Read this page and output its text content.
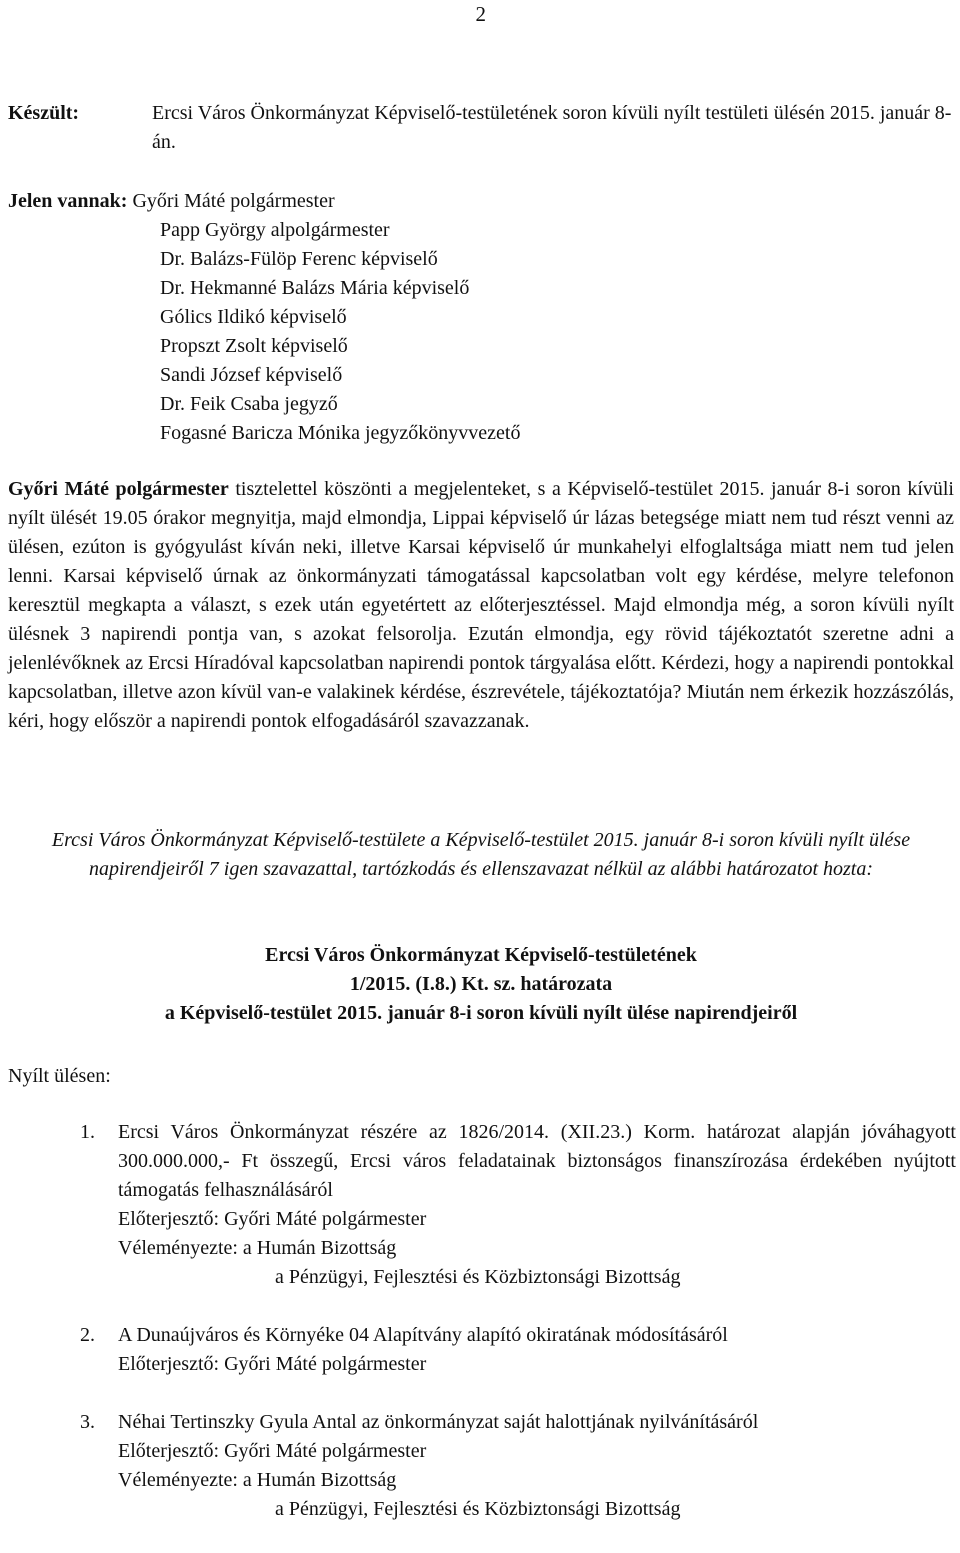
2
Készült:	Ercsi Város Önkormányzat Képviselő-testületének soron kívüli nyílt testületi ülésén 2015. január 8-án.
Jelen vannak: Győri Máté polgármester
Papp György alpolgármester
Dr. Balázs-Fülöp Ferenc képviselő
Dr. Hekmanné Balázs Mária képviselő
Gólics Ildikó képviselő
Propszt Zsolt képviselő
Sandi József képviselő
Dr. Feik Csaba jegyző
Fogasné Baricza Mónika jegyzőkönyvvezető

Győri Máté polgármester tisztelettel köszönti a megjelenteket, s a Képviselő-testület 2015. január 8-i soron kívüli nyílt ülését 19.05 órakor megnyitja, majd elmondja, Lippai képviselő úr lázas betegsége miatt nem tud részt venni az ülésen, ezúton is gyógyulást kíván neki, illetve Karsai képviselő úr munkahelyi elfoglaltsága miatt nem tud jelen lenni. Karsai képviselő úrnak az önkormányzati támogatással kapcsolatban volt egy kérdése, melyre telefonon keresztül megkapta a választ, s ezek után egyetértett az előterjesztéssel. Majd elmondja még, a soron kívüli nyílt ülésnek 3 napirendi pontja van, s azokat felsorolja. Ezután elmondja, egy rövid tájékoztatót szeretne adni a jelenlévőknek az Ercsi Híradóval kapcsolatban napirendi pontok tárgyalása előtt. Kérdezi, hogy a napirendi pontokkal kapcsolatban, illetve azon kívül van-e valakinek kérdése, észrevétele, tájékoztatója? Miután nem érkezik hozzászólás, kéri, hogy először a napirendi pontok elfogadásáról szavazzanak.

Ercsi Város Önkormányzat Képviselő-testülete a Képviselő-testület 2015. január 8-i soron kívüli nyílt ülése napirendjeiről 7 igen szavazattal, tartózkodás és ellenszavazat nélkül az alábbi határozatot hozta:
Ercsi Város Önkormányzat Képviselő-testületének
1/2015. (I.8.) Kt. sz. határozata
a Képviselő-testület 2015. január 8-i soron kívüli nyílt ülése napirendjeiről
Nyílt ülésen:
1. Ercsi Város Önkormányzat részére az 1826/2014. (XII.23.) Korm. határozat alapján jóváhagyott 300.000.000,- Ft összegű, Ercsi város feladatainak biztonságos finanszírozása érdekében nyújtott támogatás felhasználásáról
Előterjesztő: Győri Máté polgármester
Véleményezte: a Humán Bizottság
a Pénzügyi, Fejlesztési és Közbiztonsági Bizottság
2. A Dunaújváros és Környéke 04 Alapítvány alapító okiratának módosításáról
Előterjesztő: Győri Máté polgármester
3. Néhai Tertinszky Gyula Antal az önkormányzat saját halottjának nyilvánításáról
Előterjesztő: Győri Máté polgármester
Véleményezte: a Humán Bizottság
a Pénzügyi, Fejlesztési és Közbiztonsági Bizottság
